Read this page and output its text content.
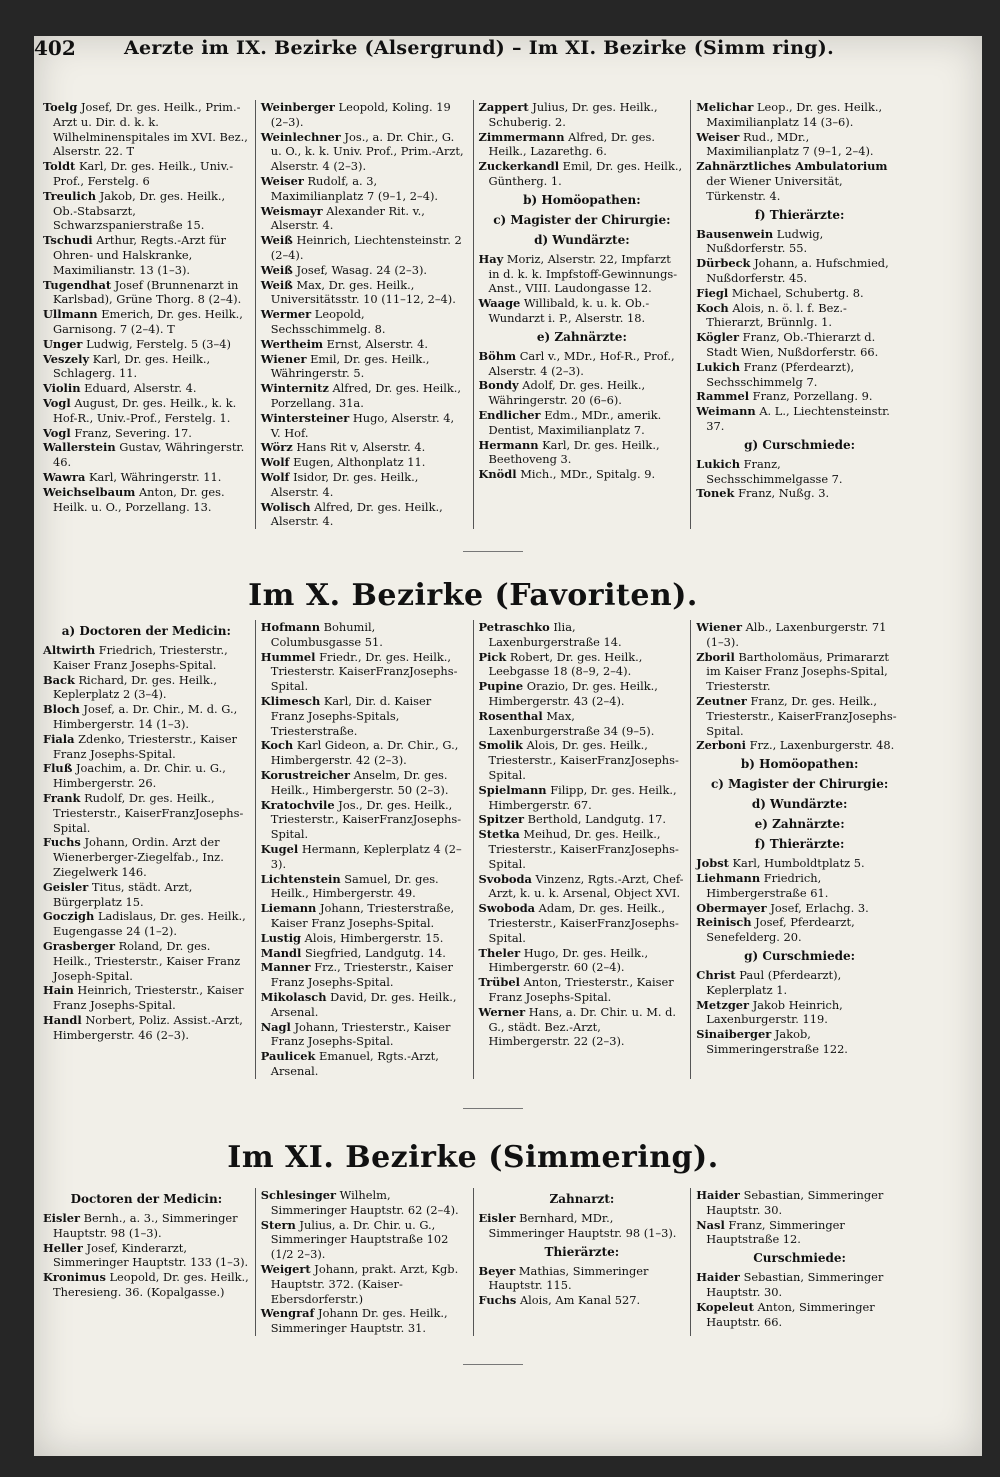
402	Aerzte im IX. Bezirke (Alsergrund) – Im XI. Bezirke (Simm ring).

Toelg Josef, Dr. ges. Heilk., Prim.-Arzt u. Dir. d. k. k. Wilhelminenspitales im XVI. Bez., Alserstr. 22. T

Toldt Karl, Dr. ges. Heilk., Univ.-Prof., Ferstelg. 6

Treulich Jakob, Dr. ges. Heilk., Ob.-Stabsarzt, Schwarzspanierstraße 15.

Tschudi Arthur, Regts.-Arzt für Ohren- und Halskranke, Maximilianstr. 13 (1–3).

Tugendhat Josef (Brunnenarzt in Karlsbad), Grüne Thorg. 8 (2–4).

Ullmann Emerich, Dr. ges. Heilk., Garnisong. 7 (2–4). T

Unger Ludwig, Ferstelg. 5 (3–4)

Veszely Karl, Dr. ges. Heilk., Schlagerg. 11.

Violin Eduard, Alserstr. 4.

Vogl August, Dr. ges. Heilk., k. k. Hof-R., Univ.-Prof., Ferstelg. 1.

Vogl Franz, Severing. 17.

Wallerstein Gustav, Währingerstr. 46.

Wawra Karl, Währingerstr. 11.

Weichselbaum Anton, Dr. ges. Heilk. u. O., Porzellang. 13.

Weinberger Leopold, Koling. 19 (2–3).

Weinlechner Jos., a. Dr. Chir., G. u. O., k. k. Univ. Prof., Prim.-Arzt, Alserstr. 4 (2–3).

Weiser Rudolf, a. 3, Maximilianplatz 7 (9–1, 2–4).

Weismayr Alexander Rit. v., Alserstr. 4.

Weiß Heinrich, Liechtensteinstr. 2 (2–4).

Weiß Josef, Wasag. 24 (2–3).

Weiß Max, Dr. ges. Heilk., Universitätsstr. 10 (11–12, 2–4).

Wermer Leopold, Sechsschimmelg. 8.

Wertheim Ernst, Alserstr. 4.

Wiener Emil, Dr. ges. Heilk., Währingerstr. 5.

Winternitz Alfred, Dr. ges. Heilk., Porzellang. 31a.

Wintersteiner Hugo, Alserstr. 4, V. Hof.

Wörz Hans Rit v, Alserstr. 4.

Wolf Eugen, Althonplatz 11.

Wolf Isidor, Dr. ges. Heilk., Alserstr. 4.

Wolisch Alfred, Dr. ges. Heilk., Alserstr. 4.

Zappert Julius, Dr. ges. Heilk., Schuberig. 2.

Zimmermann Alfred, Dr. ges. Heilk., Lazarethg. 6.

Zuckerkandl Emil, Dr. ges. Heilk., Güntherg. 1.

b) Homöopathen:
c) Magister der Chirurgie:
d) Wundärzte:

Hay Moriz, Alserstr. 22, Impfarzt in d. k. k. Impfstoff-Gewinnungs-Anst., VIII. Laudongasse 12.

Waage Willibald, k. u. k. Ob.-Wundarzt i. P., Alserstr. 18.

e) Zahnärzte:

Böhm Carl v., MDr., Hof-R., Prof., Alserstr. 4 (2–3).

Bondy Adolf, Dr. ges. Heilk., Währingerstr. 20 (6–6).

Endlicher Edm., MDr., amerik. Dentist, Maximilianplatz 7.

Hermann Karl, Dr. ges. Heilk., Beethoveng 3.

Knödl Mich., MDr., Spitalg. 9.

Melichar Leop., Dr. ges. Heilk., Maximilianplatz 14 (3–6).

Weiser Rud., MDr., Maximilianplatz 7 (9–1, 2–4).

Zahnärztliches Ambulatorium der Wiener Universität, Türkenstr. 4.

f) Thierärzte:

Bausenwein Ludwig, Nußdorferstr. 55.

Dürbeck Johann, a. Hufschmied, Nußdorferstr. 45.

Fiegl Michael, Schubertg. 8.

Koch Alois, n. ö. l. f. Bez.-Thierarzt, Brünnlg. 1.

Kögler Franz, Ob.-Thierarzt d. Stadt Wien, Nußdorferstr. 66.

Lukich Franz (Pferdearzt), Sechsschimmelg 7.

Rammel Franz, Porzellang. 9.

Weimann A. L., Liechtensteinstr. 37.

g) Curschmiede:

Lukich Franz, Sechsschimmelgasse 7.

Tonek Franz, Nußg. 3.

Im X. Bezirke (Favoriten).
a) Doctoren der Medicin:

Altwirth Friedrich, Triesterstr., Kaiser Franz Josephs-Spital.

Back Richard, Dr. ges. Heilk., Keplerplatz 2 (3–4).

Bloch Josef, a. Dr. Chir., M. d. G., Himbergerstr. 14 (1–3).

Fiala Zdenko, Triesterstr., Kaiser Franz Josephs-Spital.

Fluß Joachim, a. Dr. Chir. u. G., Himbergerstr. 26.

Frank Rudolf, Dr. ges. Heilk., Triesterstr., KaiserFranzJosephs-Spital.

Fuchs Johann, Ordin. Arzt der Wienerberger-Ziegelfab., Inz. Ziegelwerk 146.

Geisler Titus, städt. Arzt, Bürgerplatz 15.

Goczigh Ladislaus, Dr. ges. Heilk., Eugengasse 24 (1–2).

Grasberger Roland, Dr. ges. Heilk., Triesterstr., Kaiser Franz Joseph-Spital.

Hain Heinrich, Triesterstr., Kaiser Franz Josephs-Spital.

Handl Norbert, Poliz. Assist.-Arzt, Himbergerstr. 46 (2–3).

Hofmann Bohumil, Columbusgasse 51.

Hummel Friedr., Dr. ges. Heilk., Triesterstr. KaiserFranzJosephs-Spital.

Klimesch Karl, Dir. d. Kaiser Franz Josephs-Spitals, Triesterstraße.

Koch Karl Gideon, a. Dr. Chir., G., Himbergerstr. 42 (2–3).

Korustreicher Anselm, Dr. ges. Heilk., Himbergerstr. 50 (2–3).

Kratochvile Jos., Dr. ges. Heilk., Triesterstr., KaiserFranzJosephs-Spital.

Kugel Hermann, Keplerplatz 4 (2–3).

Lichtenstein Samuel, Dr. ges. Heilk., Himbergerstr. 49.

Liemann Johann, Triesterstraße, Kaiser Franz Josephs-Spital.

Lustig Alois, Himbergerstr. 15.

Mandl Siegfried, Landgutg. 14.

Manner Frz., Triesterstr., Kaiser Franz Josephs-Spital.

Mikolasch David, Dr. ges. Heilk., Arsenal.

Nagl Johann, Triesterstr., Kaiser Franz Josephs-Spital.

Paulicek Emanuel, Rgts.-Arzt, Arsenal.

Petraschko Ilia, Laxenburgerstraße 14.

Pick Robert, Dr. ges. Heilk., Leebgasse 18 (8–9, 2–4).

Pupine Orazio, Dr. ges. Heilk., Himbergerstr. 43 (2–4).

Rosenthal Max, Laxenburgerstraße 34 (9–5).

Smolik Alois, Dr. ges. Heilk., Triesterstr., KaiserFranzJosephs-Spital.

Spielmann Filipp, Dr. ges. Heilk., Himbergerstr. 67.

Spitzer Berthold, Landgutg. 17.

Stetka Meihud, Dr. ges. Heilk., Triesterstr., KaiserFranzJosephs-Spital.

Svoboda Vinzenz, Rgts.-Arzt, Chef-Arzt, k. u. k. Arsenal, Object XVI.

Swoboda Adam, Dr. ges. Heilk., Triesterstr., KaiserFranzJosephs-Spital.

Theler Hugo, Dr. ges. Heilk., Himbergerstr. 60 (2–4).

Trübel Anton, Triesterstr., Kaiser Franz Josephs-Spital.

Werner Hans, a. Dr. Chir. u. M. d. G., städt. Bez.-Arzt, Himbergerstr. 22 (2–3).

Wiener Alb., Laxenburgerstr. 71 (1–3).

Zboril Bartholomäus, Primararzt im Kaiser Franz Josephs-Spital, Triesterstr.

Zeutner Franz, Dr. ges. Heilk., Triesterstr., KaiserFranzJosephs-Spital.

Zerboni Frz., Laxenburgerstr. 48.

b) Homöopathen:
c) Magister der Chirurgie:
d) Wundärzte:
e) Zahnärzte:
f) Thierärzte:

Jobst Karl, Humboldtplatz 5.

Liehmann Friedrich, Himbergerstraße 61.

Obermayer Josef, Erlachg. 3.

Reinisch Josef, Pferdearzt, Senefelderg. 20.

g) Curschmiede:

Christ Paul (Pferdearzt), Keplerplatz 1.

Metzger Jakob Heinrich, Laxenburgerstr. 119.

Sinaiberger Jakob, Simmeringerstraße 122.

Im XI. Bezirke (Simmering).
Doctoren der Medicin:

Eisler Bernh., a. 3., Simmeringer Hauptstr. 98 (1–3).

Heller Josef, Kinderarzt, Simmeringer Hauptstr. 133 (1–3).

Kronimus Leopold, Dr. ges. Heilk., Theresieng. 36. (Kopalgasse.)

Schlesinger Wilhelm, Simmeringer Hauptstr. 62 (2–4).

Stern Julius, a. Dr. Chir. u. G., Simmeringer Hauptstraße 102 (1/2 2–3).

Weigert Johann, prakt. Arzt, Kgb. Hauptstr. 372. (Kaiser-Ebersdorferstr.)

Wengraf Johann Dr. ges. Heilk., Simmeringer Hauptstr. 31.

Zahnarzt:

Eisler Bernhard, MDr., Simmeringer Hauptstr. 98 (1–3).

Thierärzte:

Beyer Mathias, Simmeringer Hauptstr. 115.

Fuchs Alois, Am Kanal 527.

Haider Sebastian, Simmeringer Hauptstr. 30.

Nasl Franz, Simmeringer Hauptstraße 12.

Curschmiede:

Haider Sebastian, Simmeringer Hauptstr. 30.

Kopeleut Anton, Simmeringer Hauptstr. 66.
